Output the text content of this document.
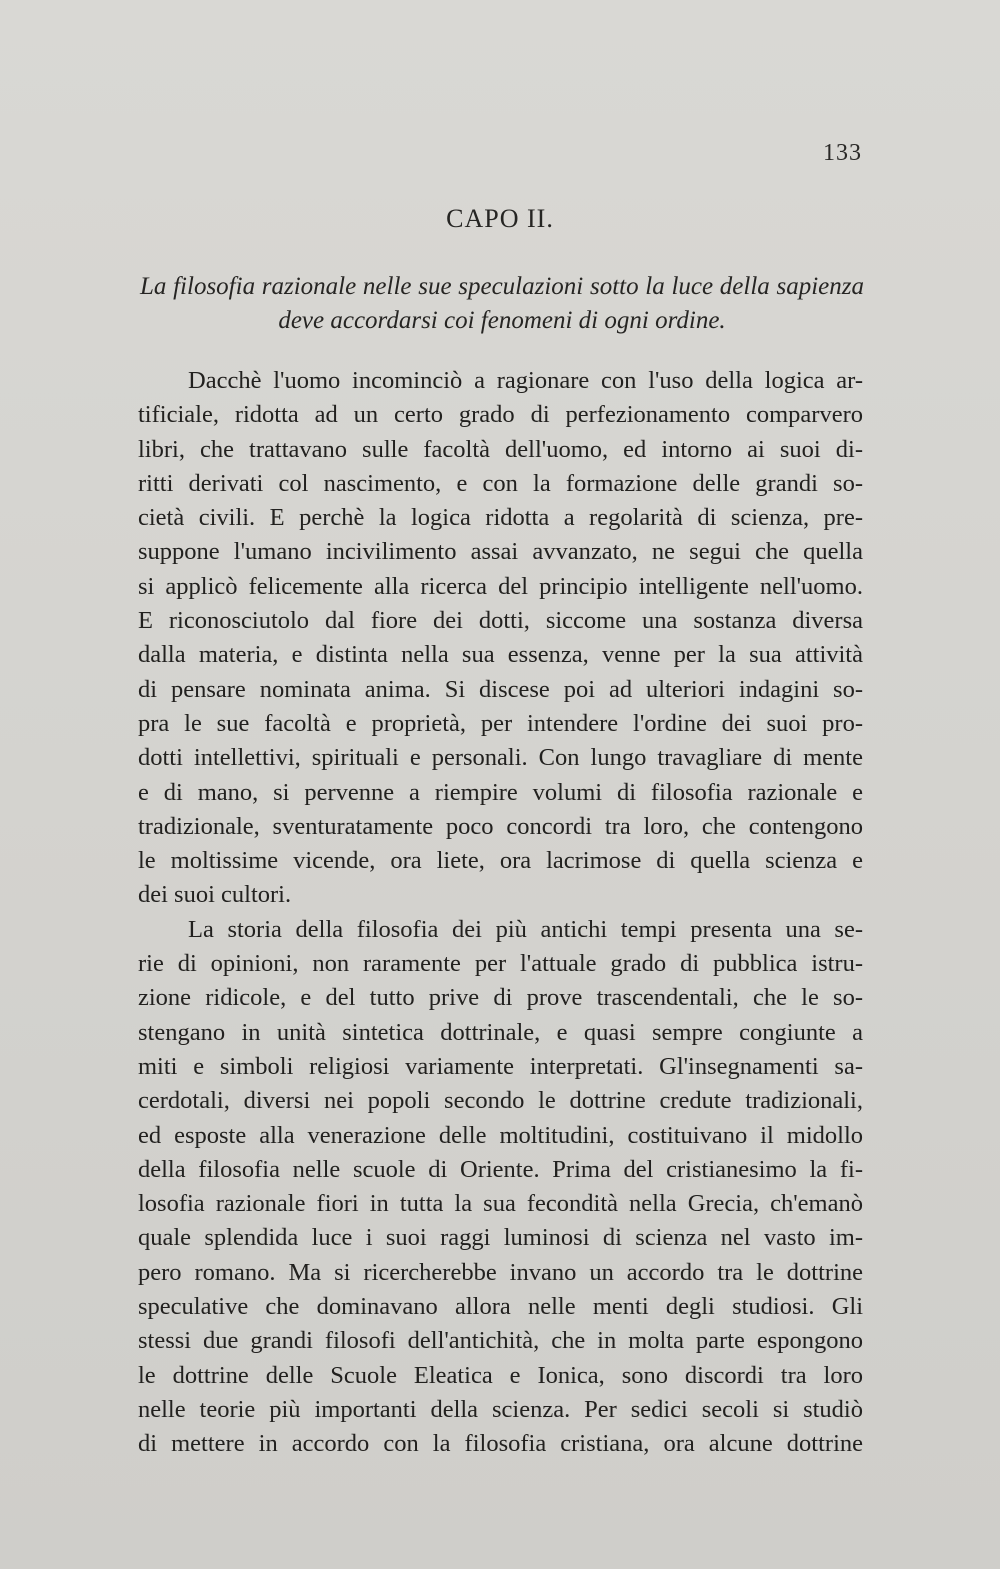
133
CAPO II.
La filosofia razionale nelle sue speculazioni sotto la luce della sapienza
deve accordarsi coi fenomeni di ogni ordine.
Dacchè l'uomo incominciò a ragionare con l'uso della logica ar-
tificiale, ridotta ad un certo grado di perfezionamento comparvero
libri, che trattavano sulle facoltà dell'uomo, ed intorno ai suoi di-
ritti derivati col nascimento, e con la formazione delle grandi so-
cietà civili. E perchè la logica ridotta a regolarità di scienza, pre-
suppone l'umano incivilimento assai avvanzato, ne segui che quella
si applicò felicemente alla ricerca del principio intelligente nell'uomo.
E riconosciutolo dal fiore dei dotti, siccome una sostanza diversa
dalla materia, e distinta nella sua essenza, venne per la sua attività
di pensare nominata anima. Si discese poi ad ulteriori indagini so-
pra le sue facoltà e proprietà, per intendere l'ordine dei suoi pro-
dotti intellettivi, spirituali e personali. Con lungo travagliare di mente
e di mano, si pervenne a riempire volumi di filosofia razionale e
tradizionale, sventuratamente poco concordi tra loro, che contengono
le moltissime vicende, ora liete, ora lacrimose di quella scienza e
dei suoi cultori.
La storia della filosofia dei più antichi tempi presenta una se-
rie di opinioni, non raramente per l'attuale grado di pubblica istru-
zione ridicole, e del tutto prive di prove trascendentali, che le so-
stengano in unità sintetica dottrinale, e quasi sempre congiunte a
miti e simboli religiosi variamente interpretati. Gl'insegnamenti sa-
cerdotali, diversi nei popoli secondo le dottrine credute tradizionali,
ed esposte alla venerazione delle moltitudini, costituivano il midollo
della filosofia nelle scuole di Oriente. Prima del cristianesimo la fi-
losofia razionale fiori in tutta la sua fecondità nella Grecia, ch'emanò
quale splendida luce i suoi raggi luminosi di scienza nel vasto im-
pero romano. Ma si ricercherebbe invano un accordo tra le dottrine
speculative che dominavano allora nelle menti degli studiosi. Gli
stessi due grandi filosofi dell'antichità, che in molta parte espongono
le dottrine delle Scuole Eleatica e Ionica, sono discordi tra loro
nelle teorie più importanti della scienza. Per sedici secoli si studiò
di mettere in accordo con la filosofia cristiana, ora alcune dottrine
